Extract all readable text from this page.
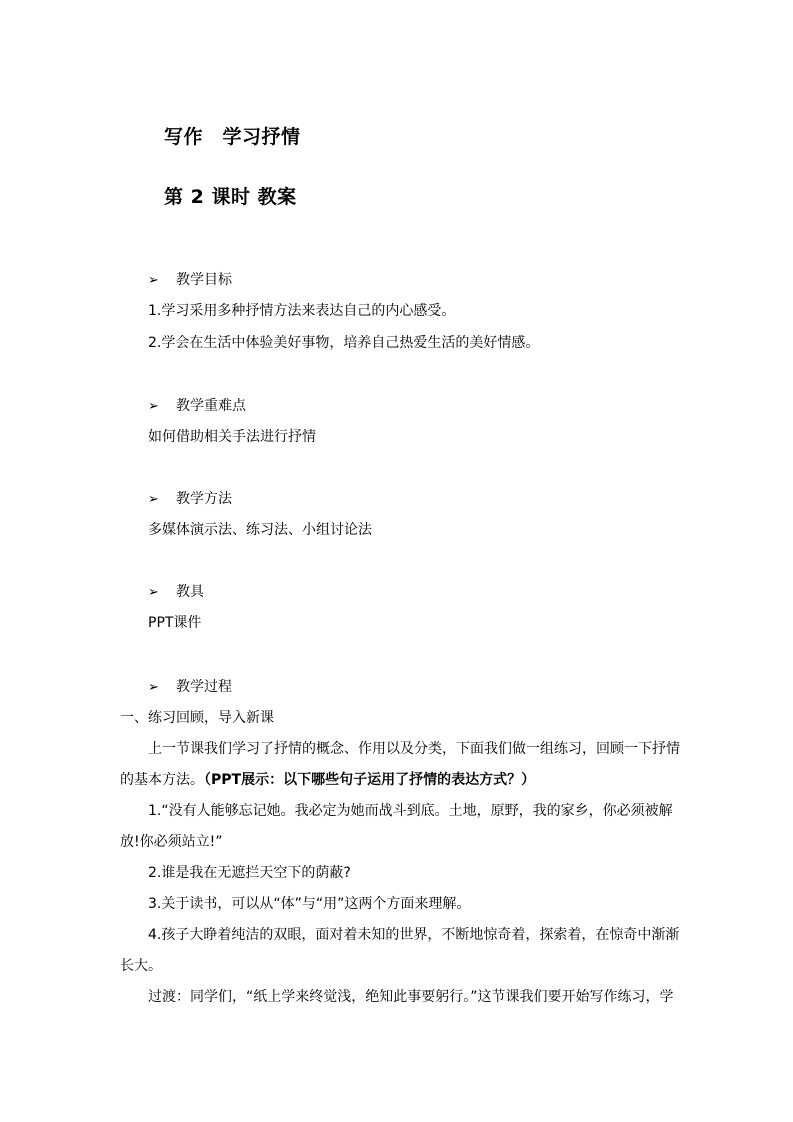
写作　学习抒情
第 2 课时 教案
➢ 教学目标
1.学习采用多种抒情方法来表达自己的内心感受。
2.学会在生活中体验美好事物，培养自己热爱生活的美好情感。
➢ 教学重难点
如何借助相关手法进行抒情
➢ 教学方法
多媒体演示法、练习法、小组讨论法
➢ 教具
PPT课件
➢ 教学过程
一、练习回顾，导入新课
上一节课我们学习了抒情的概念、作用以及分类，下面我们做一组练习，回顾一下抒情
的基本方法。（PPT展示：以下哪些句子运用了抒情的表达方式？）
1.“没有人能够忘记她。我必定为她而战斗到底。土地，原野，我的家乡，你必须被解
放!你必须站立!”
2.谁是我在无遮拦天空下的荫蔽?
3.关于读书，可以从“体”与“用”这两个方面来理解。
4.孩子大睁着纯洁的双眼，面对着未知的世界，不断地惊奇着，探索着，在惊奇中渐渐
长大。
过渡：同学们，“纸上学来终觉浅，绝知此事要躬行。”这节课我们要开始写作练习，学
